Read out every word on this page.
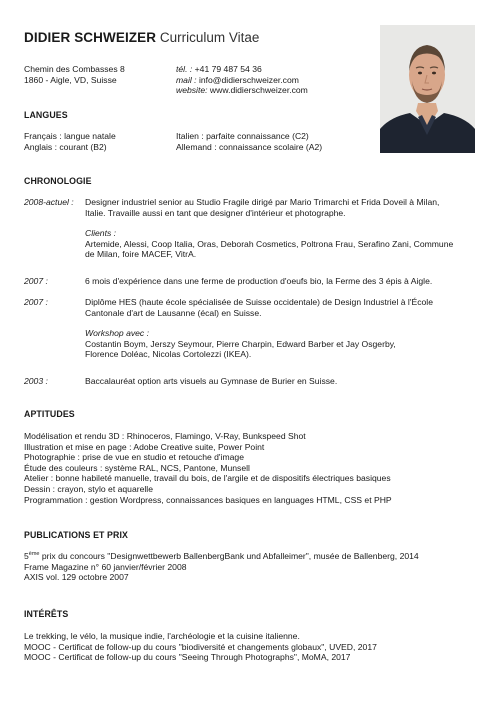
DIDIER SCHWEIZER Curriculum Vitae
Chemin des Combasses 8
1860 - Aigle, VD, Suisse
tél. : +41 79 487 54 36
mail : info@didierschweizer.com
website: www.didierschweizer.com
LANGUES
Français : langue natale
Anglais : courant (B2)
Italien : parfaite connaissance (C2)
Allemand : connaissance scolaire (A2)
CHRONOLOGIE
2008-actuel : Designer industriel senior au Studio Fragile dirigé par Mario Trimarchi et Frida Doveil à Milan,
Italie. Travaille aussi en tant que designer d'intérieur et photographe.
Clients :
Artemide, Alessi, Coop Italia, Oras, Deborah Cosmetics, Poltrona Frau, Serafino Zani, Commune
de Milan, foire MACEF, VitrA.
2007 :	6 mois d'expérience dans une ferme de production d'oeufs bio, la Ferme des 3 épis à Aigle.
2007 :	Diplôme HES (haute école spécialisée de Suisse occidentale) de Design Industriel à l'École
Cantonale d'art de Lausanne (écal) en Suisse.
Workshop avec :
Costantin Boym, Jerszy Seymour, Pierre Charpin, Edward Barber et Jay Osgerby,
Florence Doléac, Nicolas Cortolezzi (IKEA).
2003 :	Baccalauréat option arts visuels au Gymnase de Burier en Suisse.
APTITUDES
Modélisation et rendu 3D : Rhinoceros, Flamingo, V-Ray, Bunkspeed Shot
Illustration et mise en page : Adobe Creative suite, Power Point
Photographie : prise de vue en studio et retouche d'image
Étude des couleurs : système RAL, NCS, Pantone, Munsell
Atelier : bonne habileté manuelle, travail du bois, de l'argile et de dispositifs électriques basiques
Dessin : crayon, stylo et aquarelle
Programmation : gestion Wordpress, connaissances basiques en languages HTML, CSS et PHP
PUBLICATIONS ET PRIX
5ème prix du concours "Designwettbewerb BallenbergBank und Abfalleimer", musée de Ballenberg, 2014
Frame Magazine n° 60 janvier/février 2008
AXIS vol. 129 octobre 2007
INTÉRÊTS
Le trekking, le vélo, la musique indie, l'archéologie et la cuisine italienne.
MOOC - Certificat de follow-up du cours "biodiversité et changements globaux", UVED, 2017
MOOC - Certificat de follow-up du cours "Seeing Through Photographs", MoMA, 2017
